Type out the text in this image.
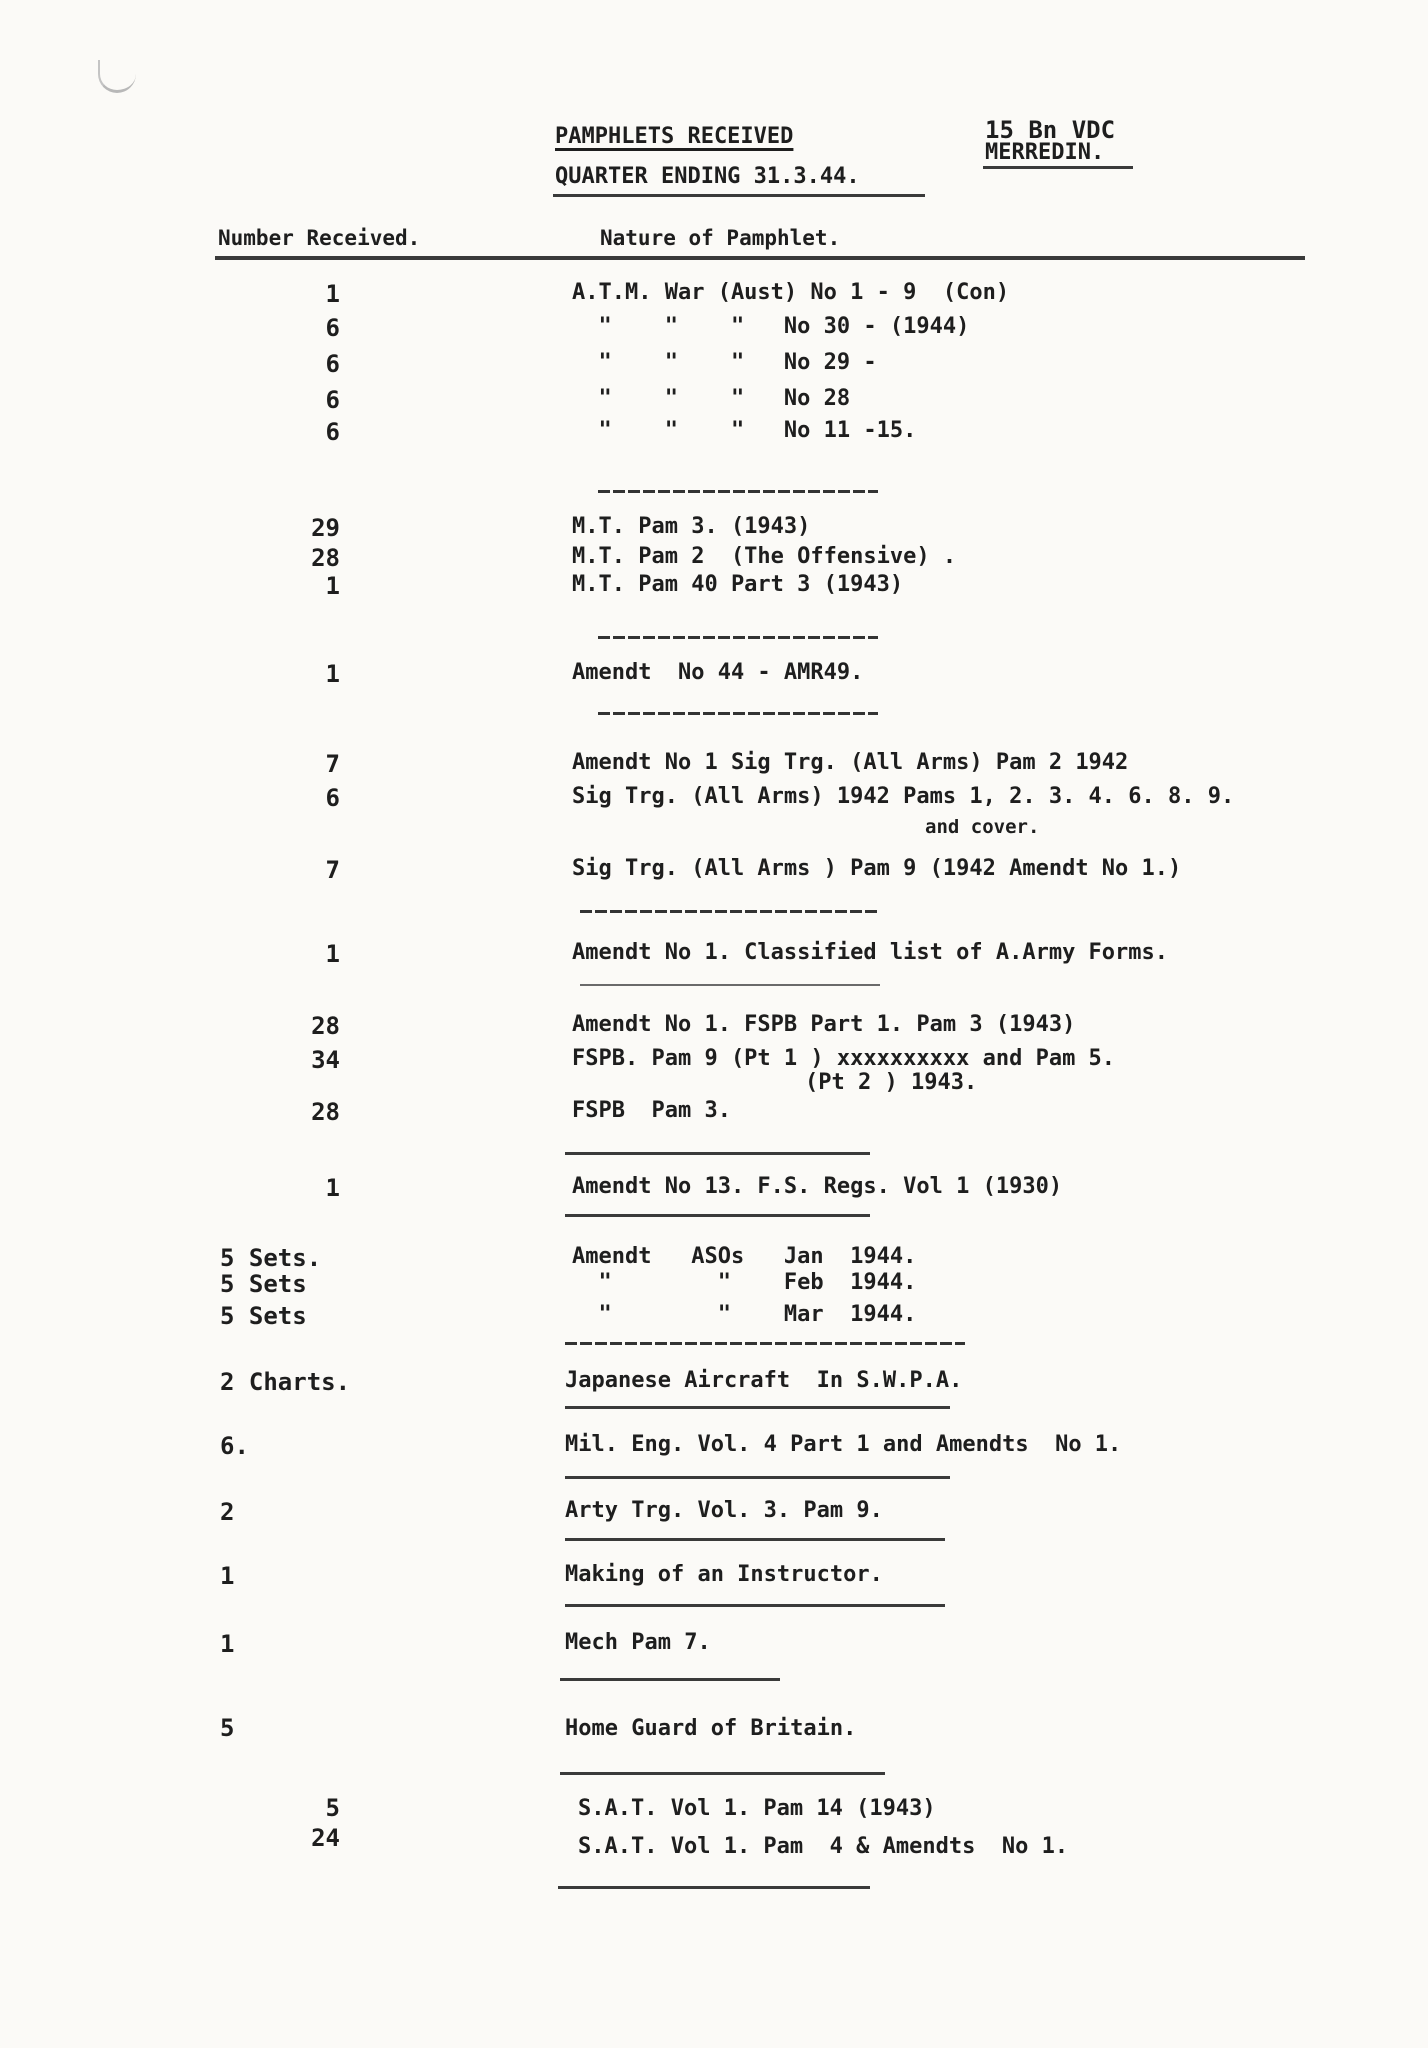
PAMPHLETS RECEIVED
QUARTER ENDING 31.3.44.
15 Bn VDC
MERREDIN.
Number Received.	Nature of Pamphlet.
1	A.T.M. War (Aust) No 1 - 9  (Con)
6	"    "    "   No 30 - (1944)
6	"    "    "   No 29 -
6	"    "    "   No 28
6	"    "    "   No 11 -15.
29	M.T. Pam 3. (1943)
28	M.T. Pam 2  (The Offensive) .
1	M.T. Pam 40 Part 3 (1943)
1	Amendt  No 44 - AMR49.
7	Amendt No 1 Sig Trg. (All Arms) Pam 2 1942
6	Sig Trg. (All Arms) 1942 Pams 1, 2. 3. 4. 6. 8. 9.
and cover.
7	Sig Trg. (All Arms ) Pam 9 (1942 Amendt No 1.)
1	Amendt No 1. Classified list of A.Army Forms.
28	Amendt No 1. FSPB Part 1. Pam 3 (1943)
34	FSPB. Pam 9 (Pt 1 ) xxxxxxxxxx and Pam 5.
(Pt 2 ) 1943.
28	FSPB  Pam 3.
1	Amendt No 13. F.S. Regs. Vol 1 (1930)
5 Sets.	Amendt   ASOs   Jan  1944.
5 Sets	"        "    Feb  1944.
5 Sets	"        "    Mar  1944.
2 Charts.	Japanese Aircraft  In S.W.P.A.
6.	Mil. Eng. Vol. 4 Part 1 and Amendts  No 1.
2	Arty Trg. Vol. 3. Pam 9.
1	Making of an Instructor.
1	Mech Pam 7.
5	Home Guard of Britain.
5	S.A.T. Vol 1. Pam 14 (1943)
24	S.A.T. Vol 1. Pam  4 & Amendts  No 1.
